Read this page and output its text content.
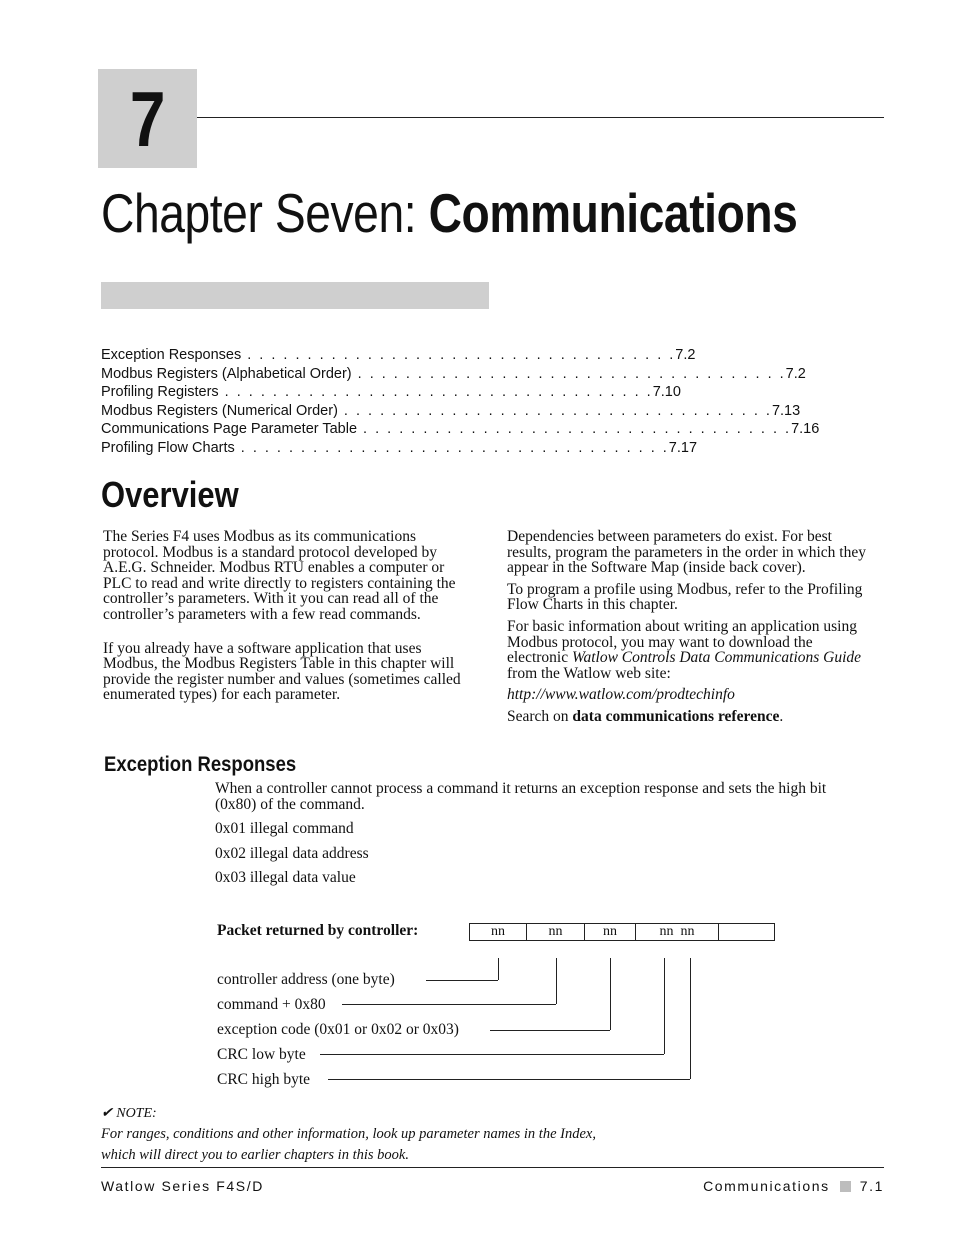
7
Chapter Seven: Communications
Exception Responses . . . . . . . . . . . . . . . . . . . . . . . . . . . . . . . . . . . . 7.2
Modbus Registers (Alphabetical Order) . . . . . . . . . . . . . . . . . . . . . . . . . . . . . . . . . . . . 7.2
Profiling Registers . . . . . . . . . . . . . . . . . . . . . . . . . . . . . . . . . . . . 7.10
Modbus Registers (Numerical Order) . . . . . . . . . . . . . . . . . . . . . . . . . . . . . . . . . . . . 7.13
Communications Page Parameter Table . . . . . . . . . . . . . . . . . . . . . . . . . . . . . . . . . . . . 7.16
Profiling Flow Charts . . . . . . . . . . . . . . . . . . . . . . . . . . . . . . . . . . . . 7.17
Overview

The Series F4 uses Modbus as its communications protocol. Modbus is a standard protocol developed by A.E.G. Schneider. Modbus RTU enables a computer or PLC to read and write directly to registers containing the controller’s parameters. With it you can read all of the controller’s parameters with a few read commands.

If you already have a software application that uses Modbus, the Modbus Registers Table in this chapter will provide the register number and values (sometimes called enumerated types) for each parameter.

Dependencies between parameters do exist. For best results, program the parameters in the order in which they appear in the Software Map (inside back cover).

To program a profile using Modbus, refer to the Profiling Flow Charts in this chapter.

For basic information about writing an application using Modbus protocol, you may want to download the electronic Watlow Controls Data Communications Guide from the Watlow web site:

http://www.watlow.com/prodtechinfo

Search on data communications reference.

Exception Responses

When a controller cannot process a command it returns an exception response and sets the high bit (0x80) of the command.

0x01 illegal command

0x02 illegal data address

0x03 illegal data value

Packet returned by controller:	nn	nn	nn	nn  nn
controller address (one byte)
command + 0x80
exception code (0x01 or 0x02 or 0x03)
CRC low byte
CRC high byte
✔ NOTE:
For ranges, conditions and other information, look up parameter names in the Index, which will direct you to earlier chapters in this book.
Watlow Series F4S/D	Communications 7.1
